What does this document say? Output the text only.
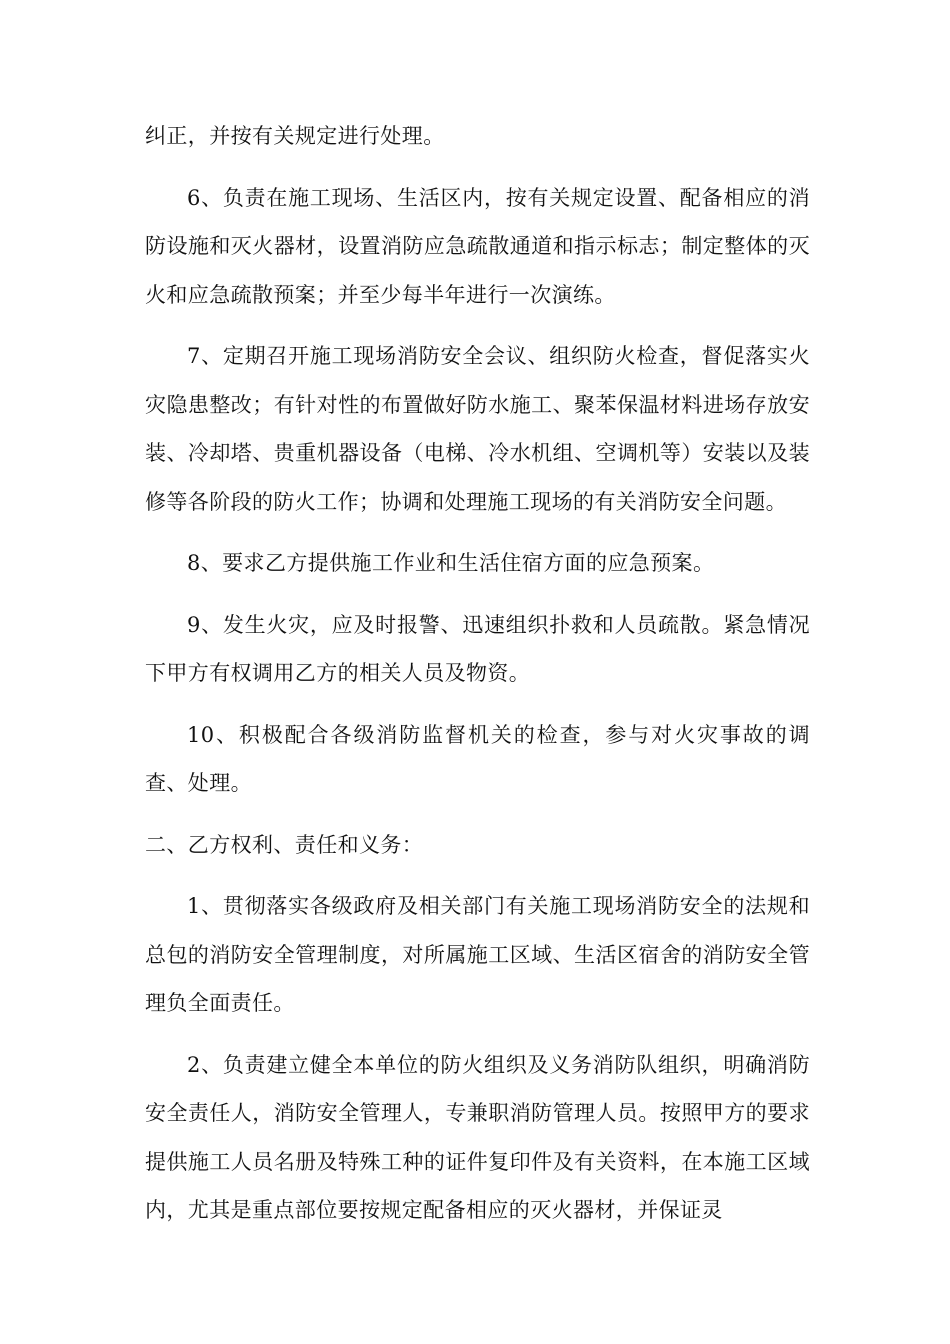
纠正，并按有关规定进行处理。

6、负责在施工现场、生活区内，按有关规定设置、配备相应的消防设施和灭火器材，设置消防应急疏散通道和指示标志；制定整体的灭火和应急疏散预案；并至少每半年进行一次演练。

7、定期召开施工现场消防安全会议、组织防火检查，督促落实火灾隐患整改；有针对性的布置做好防水施工、聚苯保温材料进场存放安装、冷却塔、贵重机器设备（电梯、冷水机组、空调机等）安装以及装修等各阶段的防火工作；协调和处理施工现场的有关消防安全问题。

8、要求乙方提供施工作业和生活住宿方面的应急预案。

9、发生火灾，应及时报警、迅速组织扑救和人员疏散。紧急情况下甲方有权调用乙方的相关人员及物资。

10、积极配合各级消防监督机关的检查，参与对火灾事故的调查、处理。

二、乙方权利、责任和义务：

1、贯彻落实各级政府及相关部门有关施工现场消防安全的法规和总包的消防安全管理制度，对所属施工区域、生活区宿舍的消防安全管理负全面责任。

2、负责建立健全本单位的防火组织及义务消防队组织，明确消防安全责任人，消防安全管理人，专兼职消防管理人员。按照甲方的要求提供施工人员名册及特殊工种的证件复印件及有关资料，在本施工区域内，尤其是重点部位要按规定配备相应的灭火器材，并保证灵
